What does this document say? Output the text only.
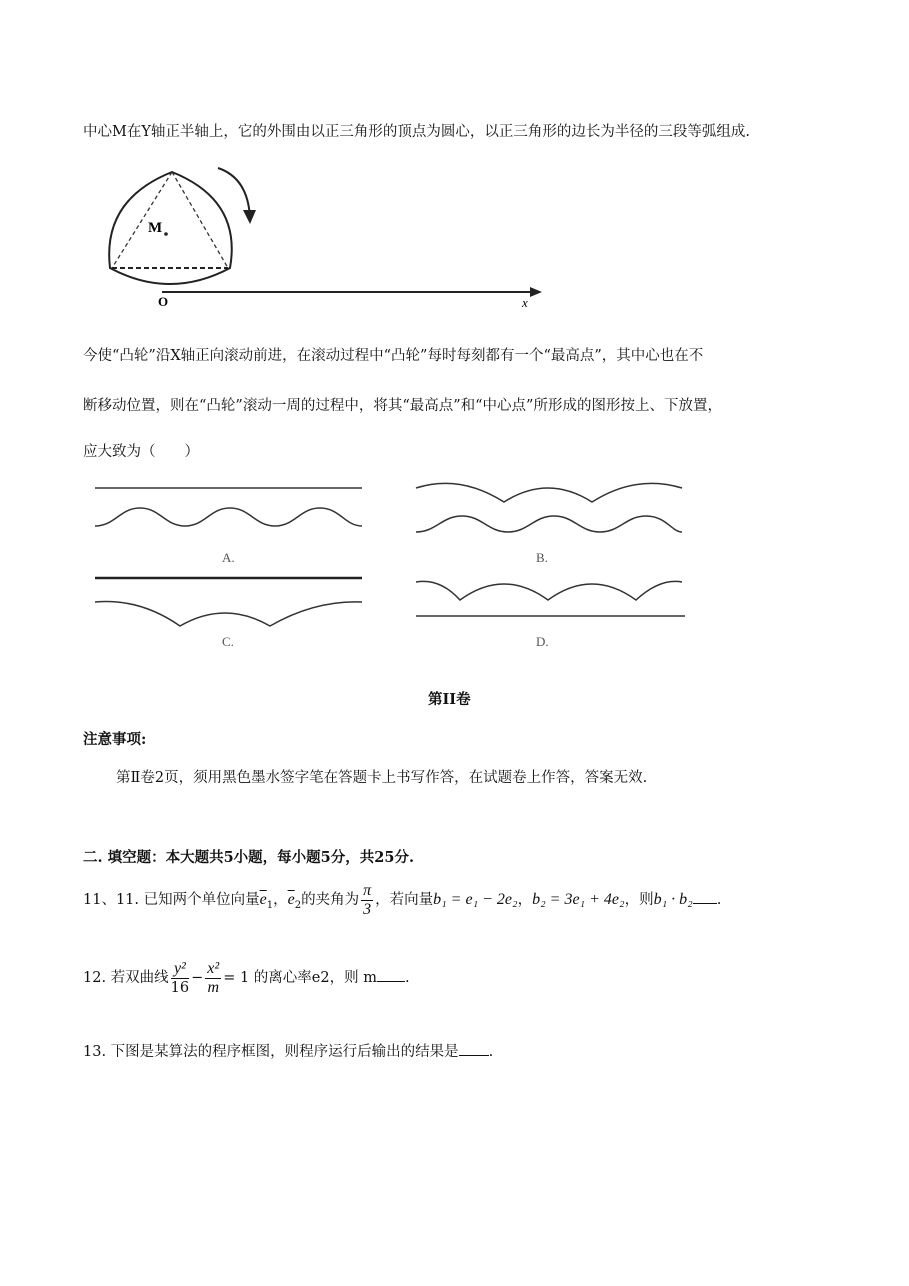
中心M在Y轴正半轴上，它的外围由以正三角形的顶点为圆心，以正三角形的边长为半径的三段等弧组成.
M
O	x
今使“凸轮”沿X轴正向滚动前进，在滚动过程中“凸轮”每时每刻都有一个“最高点”，其中心也在不
断移动位置，则在“凸轮”滚动一周的过程中，将其“最高点”和“中心点”所形成的图形按上、下放置，
应大致为（　　）
A.	B.
C.	D.
第II卷
注意事项:
第Ⅱ卷2页，须用黑色墨水签字笔在答题卡上书写作答，在试题卷上作答，答案无效.
二. 填空题：本大题共5小题，每小题5分，共25分.
11、11. 已知两个单位向量$\overline{e}_1$，$\overline{e}_2$的夹角为 $\frac{\pi}{3}$ ，若向量b₁ = e₁ − 2e₂，b₂ = 3e₁ + 4e₂，则b₁ · b₂ .
12. 若双曲线 $\frac{\text{y²}}{16} - \frac{\text{x²}}{m} = 1$ 的离心率e2，则 m .
13. 下图是某算法的程序框图，则程序运行后输出的结果是 .
